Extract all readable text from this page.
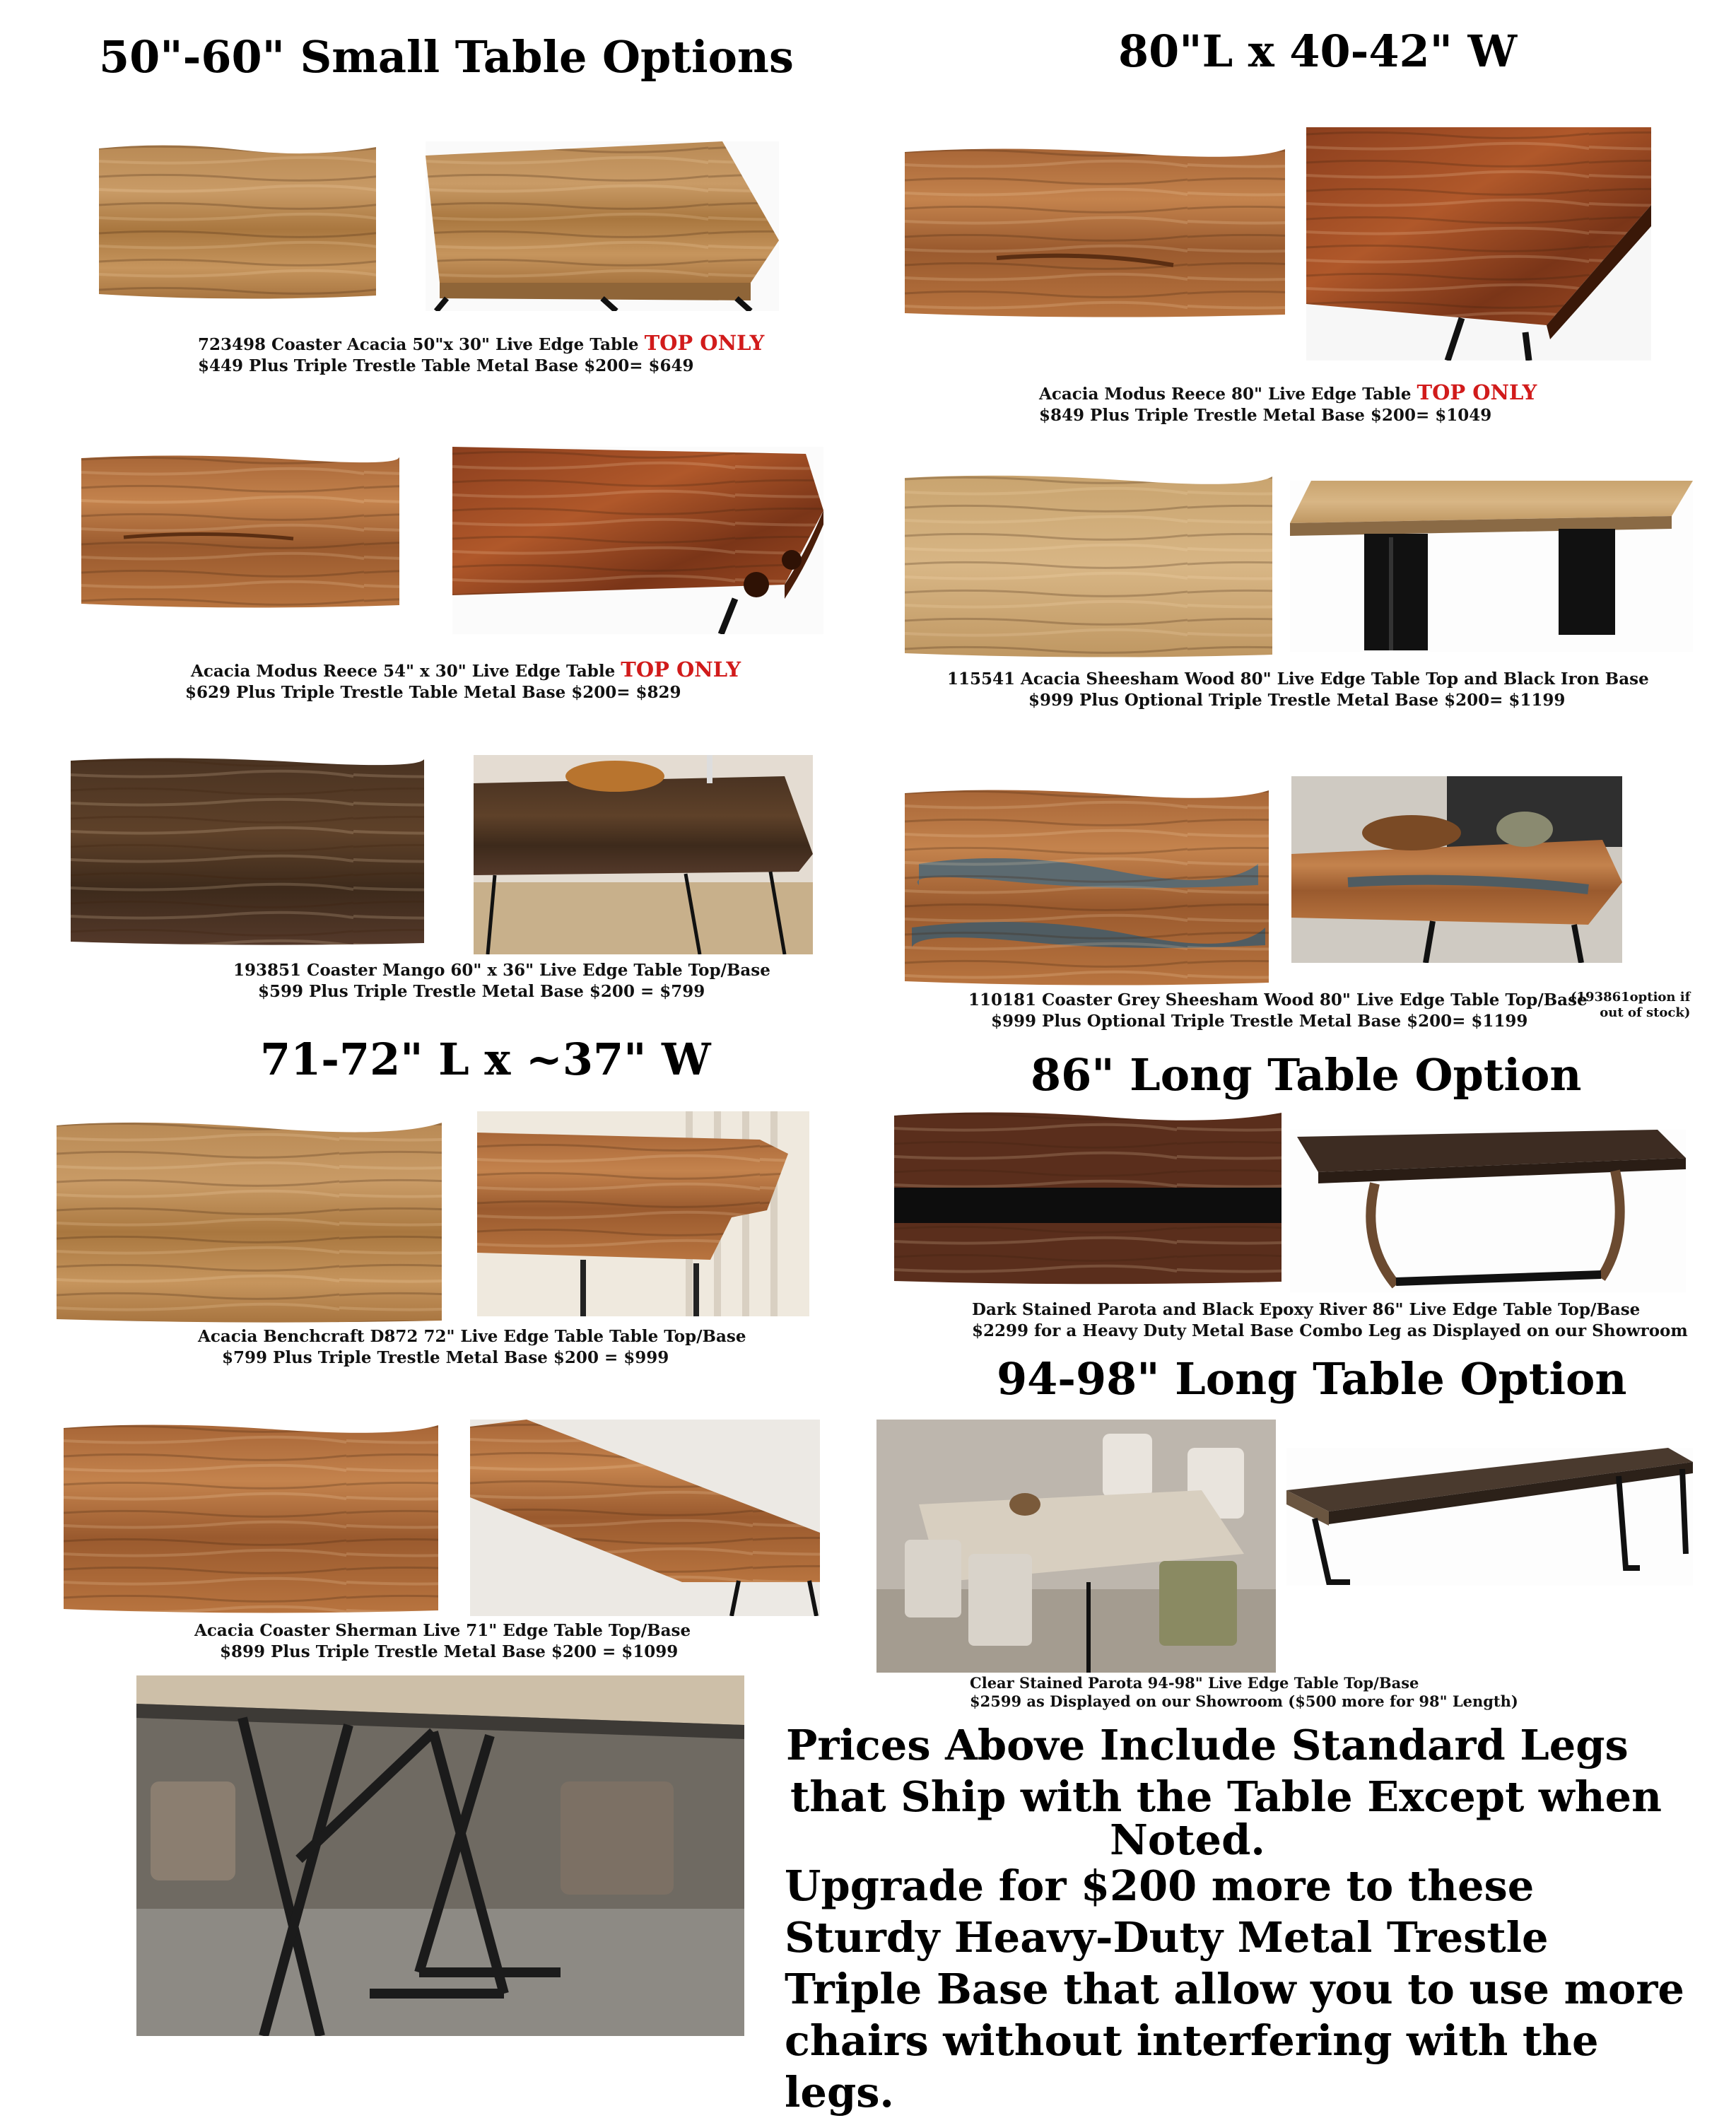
50"-60" Small Table Options	80"L x 40-42" W
71-72" L x ~37" W	86" Long Table Option
94-98" Long Table Option
723498 Coaster Acacia 50"x 30" Live Edge Table TOP ONLY
$449 Plus Triple Trestle Table Metal Base $200= $649
Acacia Modus Reece 54" x 30" Live Edge Table TOP ONLY
$629 Plus Triple Trestle Table Metal Base $200= $829
193851 Coaster Mango 60" x 36" Live Edge Table Top/Base
$599 Plus Triple Trestle Metal Base $200 = $799
Acacia Benchcraft D872 72" Live Edge Table Table Top/Base
$799 Plus Triple Trestle Metal Base $200 = $999
Acacia Coaster Sherman Live 71" Edge Table Top/Base
$899 Plus Triple Trestle Metal Base $200 = $1099
Acacia Modus Reece 80" Live Edge Table TOP ONLY
$849 Plus Triple Trestle Metal Base $200= $1049
115541 Acacia Sheesham Wood 80" Live Edge Table Top and Black Iron Base
$999 Plus Optional Triple Trestle Metal Base $200= $1199
110181 Coaster Grey Sheesham Wood 80" Live Edge Table Top/Base
$999 Plus Optional Triple Trestle Metal Base $200= $1199
(193861option if
out of stock)
Dark Stained Parota and Black Epoxy River 86" Live Edge Table Top/Base
$2299 for a Heavy Duty Metal Base Combo Leg as Displayed on our Showroom
Clear Stained Parota 94-98" Live Edge Table Top/Base
$2599 as Displayed on our Showroom ($500 more for 98" Length)
Prices Above Include Standard Legs
that Ship with the Table Except when
Noted.
Upgrade for $200 more to these
Sturdy Heavy-Duty Metal Trestle
Triple Base that allow you to use more
chairs without interfering with the legs.
